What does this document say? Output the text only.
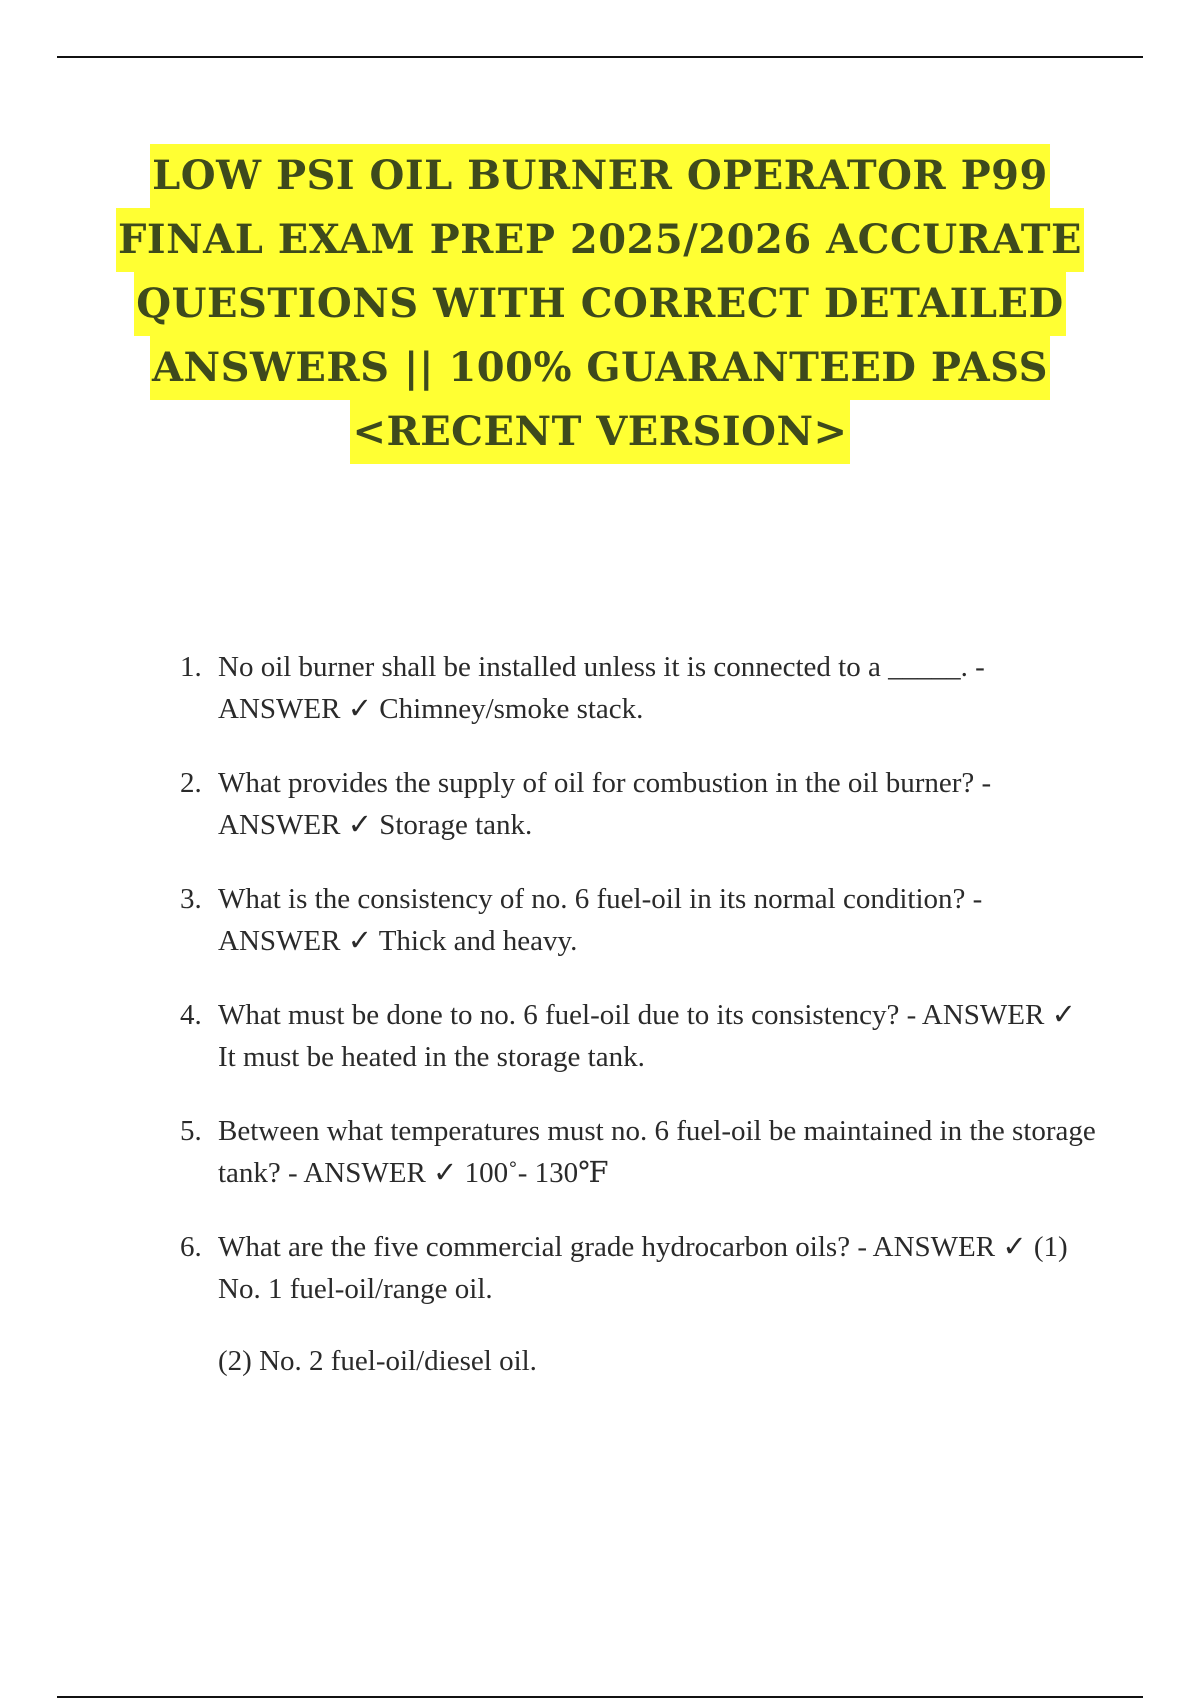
LOW PSI OIL BURNER OPERATOR P99
FINAL EXAM PREP 2025/2026 ACCURATE
QUESTIONS WITH CORRECT DETAILED
ANSWERS || 100% GUARANTEED PASS
<RECENT VERSION>
1. No oil burner shall be installed unless it is connected to a _____. - ANSWER ✓ Chimney/smoke stack.
2. What provides the supply of oil for combustion in the oil burner? - ANSWER ✓ Storage tank.
3. What is the consistency of no. 6 fuel-oil in its normal condition? - ANSWER ✓ Thick and heavy.
4. What must be done to no. 6 fuel-oil due to its consistency? - ANSWER ✓ It must be heated in the storage tank.
5. Between what temperatures must no. 6 fuel-oil be maintained in the storage tank? - ANSWER ✓ 100˚- 130℉
6. What are the five commercial grade hydrocarbon oils? - ANSWER ✓ (1) No. 1 fuel-oil/range oil.
(2) No. 2 fuel-oil/diesel oil.
